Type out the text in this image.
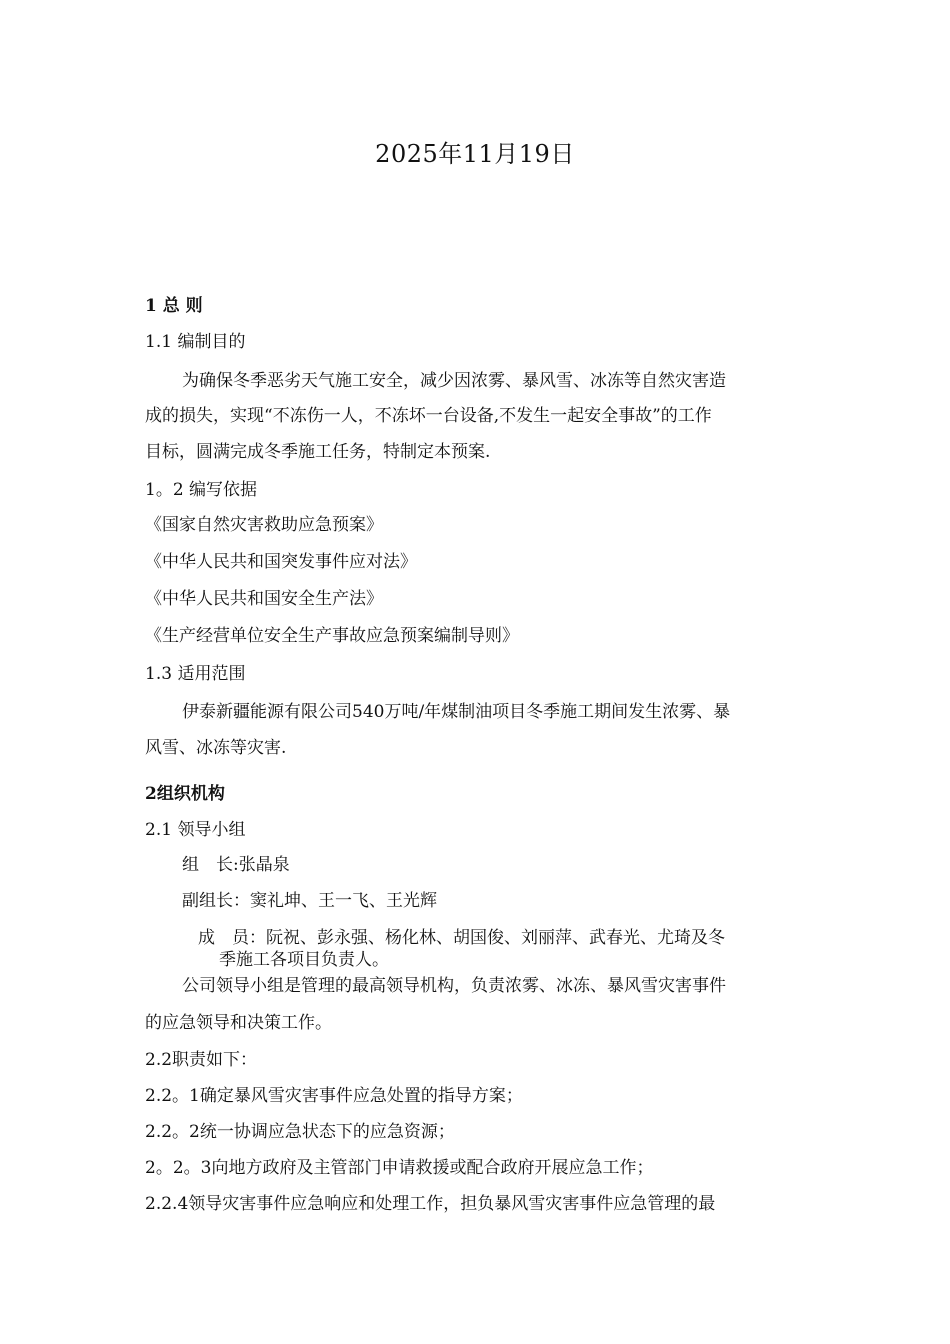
2025年11月19日
1 总 则
1.1 编制目的
为确保冬季恶劣天气施工安全，减少因浓雾、暴风雪、冰冻等自然灾害造
成的损失，实现“不冻伤一人，不冻坏一台设备,不发生一起安全事故”的工作
目标，圆满完成冬季施工任务，特制定本预案.
1。2 编写依据
《国家自然灾害救助应急预案》
《中华人民共和国突发事件应对法》
《中华人民共和国安全生产法》
《生产经营单位安全生产事故应急预案编制导则》
1.3 适用范围
伊泰新疆能源有限公司540万吨/年煤制油项目冬季施工期间发生浓雾、暴
风雪、冰冻等灾害.
2组织机构
2.1 领导小组
组　长:张晶泉
副组长：窦礼坤、王一飞、王光辉
成　员：阮祝、彭永强、杨化林、胡国俊、刘丽萍、武春光、尤琦及冬
季施工各项目负责人。
公司领导小组是管理的最高领导机构，负责浓雾、冰冻、暴风雪灾害事件
的应急领导和决策工作。
2.2职责如下：
2.2。1确定暴风雪灾害事件应急处置的指导方案；
2.2。2统一协调应急状态下的应急资源；
2。2。3向地方政府及主管部门申请救援或配合政府开展应急工作；
2.2.4领导灾害事件应急响应和处理工作，担负暴风雪灾害事件应急管理的最
